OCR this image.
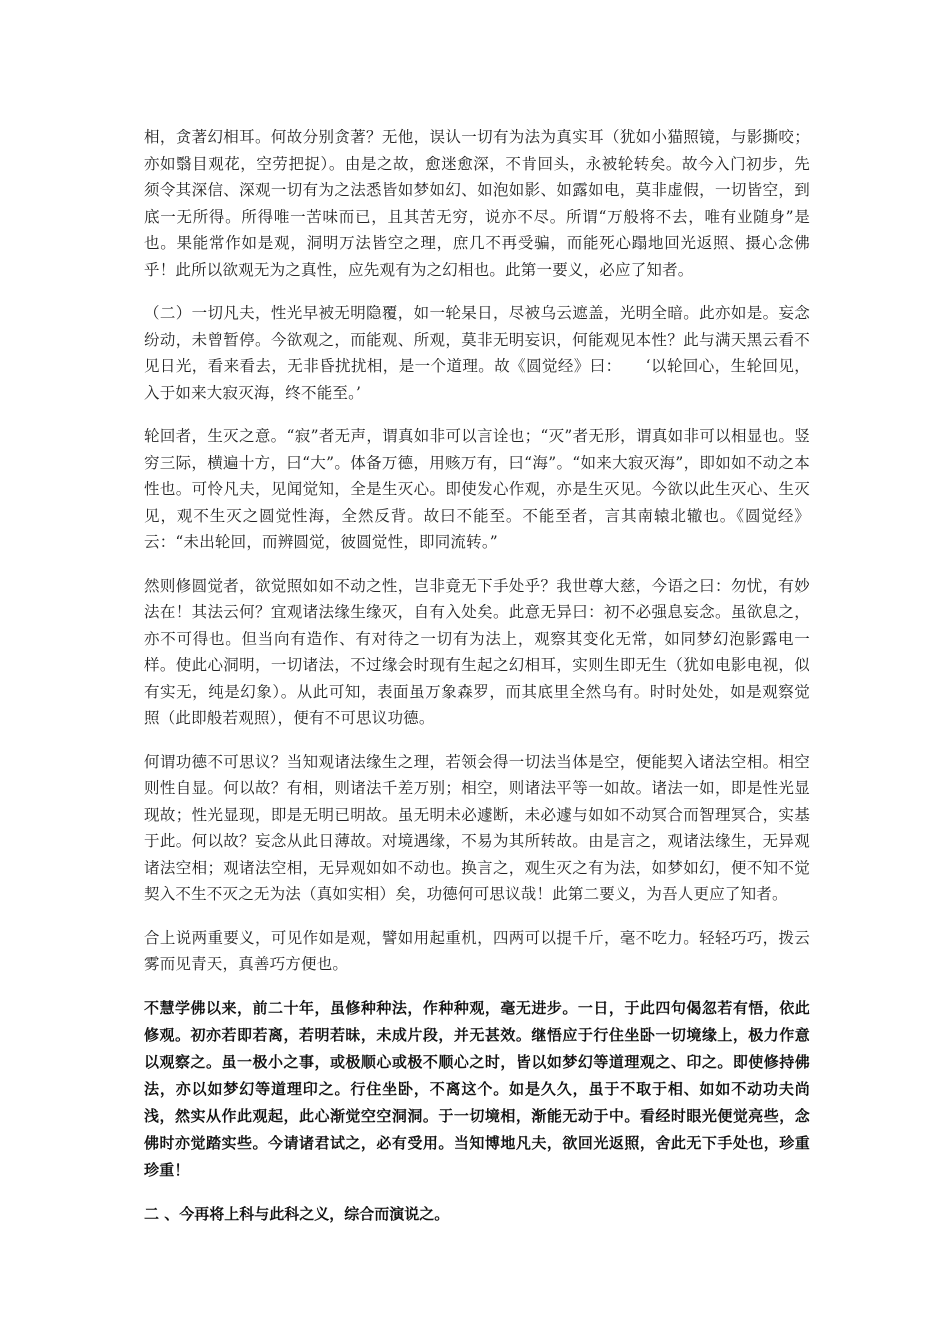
相，贪著幻相耳。何故分别贪著？无他，误认一切有为法为真实耳（犹如小猫照镜，与影撕咬；亦如翳目观花，空劳把捉）。由是之故，愈迷愈深，不肯回头，永被轮转矣。故今入门初步，先须令其深信、深观一切有为之法悉皆如梦如幻、如泡如影、如露如电，莫非虚假，一切皆空，到底一无所得。所得唯一苦味而已，且其苦无穷，说亦不尽。所谓“万般将不去，唯有业随身”是也。果能常作如是观，洞明万法皆空之理，庶几不再受骗，而能死心蹋地回光返照、摄心念佛乎！此所以欲观无为之真性，应先观有为之幻相也。此第一要义，必应了知者。

（二）一切凡夫，性光早被无明隐覆，如一轮杲日，尽被乌云遮盖，光明全暗。此亦如是。妄念纷动，未曾暂停。今欲观之，而能观、所观，莫非无明妄识，何能观见本性？此与满天黑云看不见日光，看来看去，无非昏扰扰相，是一个道理。故《圆觉经》曰：　　‘以轮回心，生轮回见，入于如来大寂灭海，终不能至。’

轮回者，生灭之意。“寂”者无声，谓真如非可以言诠也；“灭”者无形，谓真如非可以相显也。竖穷三际，横遍十方，曰“大”。体备万德，用赅万有，曰“海”。“如来大寂灭海”，即如如不动之本性也。可怜凡夫，见闻觉知，全是生灭心。即使发心作观，亦是生灭见。今欲以此生灭心、生灭见，观不生灭之圆觉性海，全然反背。故曰不能至。不能至者，言其南辕北辙也。《圆觉经》云：“未出轮回，而辨圆觉，彼圆觉性，即同流转。”

然则修圆觉者，欲觉照如如不动之性，岂非竟无下手处乎？我世尊大慈，今语之曰：勿忧，有妙法在！其法云何？宜观诸法缘生缘灭，自有入处矣。此意无异曰：初不必强息妄念。虽欲息之，亦不可得也。但当向有造作、有对待之一切有为法上，观察其变化无常，如同梦幻泡影露电一样。使此心洞明，一切诸法，不过缘会时现有生起之幻相耳，实则生即无生（犹如电影电视，似有实无，纯是幻象）。从此可知，表面虽万象森罗，而其底里全然乌有。时时处处，如是观察觉照（此即般若观照），便有不可思议功德。

何谓功德不可思议？当知观诸法缘生之理，若领会得一切法当体是空，便能契入诸法空相。相空则性自显。何以故？有相，则诸法千差万别；相空，则诸法平等一如故。诸法一如，即是性光显现故；性光显现，即是无明已明故。虽无明未必遽断，未必遽与如如不动冥合而智理冥合，实基于此。何以故？妄念从此日薄故。对境遇缘，不易为其所转故。由是言之，观诸法缘生，无异观诸法空相；观诸法空相，无异观如如不动也。换言之，观生灭之有为法，如梦如幻，便不知不觉契入不生不灭之无为法（真如实相）矣，功德何可思议哉！此第二要义，为吾人更应了知者。

合上说两重要义，可见作如是观，譬如用起重机，四两可以提千斤，毫不吃力。轻轻巧巧，拨云雾而见青天，真善巧方便也。

不慧学佛以来，前二十年，虽修种种法，作种种观，毫无进步。一日，于此四句偈忽若有悟，依此修观。初亦若即若离，若明若昧，未成片段，并无甚效。继悟应于行住坐卧一切境缘上，极力作意以观察之。虽一极小之事，或极顺心或极不顺心之时，皆以如梦幻等道理观之、印之。即使修持佛法，亦以如梦幻等道理印之。行住坐卧，不离这个。如是久久，虽于不取于相、如如不动功夫尚浅，然实从作此观起，此心渐觉空空洞洞。于一切境相，渐能无动于中。看经时眼光便觉亮些，念佛时亦觉踏实些。今请诸君试之，必有受用。当知博地凡夫，欲回光返照，舍此无下手处也，珍重珍重！

二 、今再将上科与此科之义，综合而演说之。
